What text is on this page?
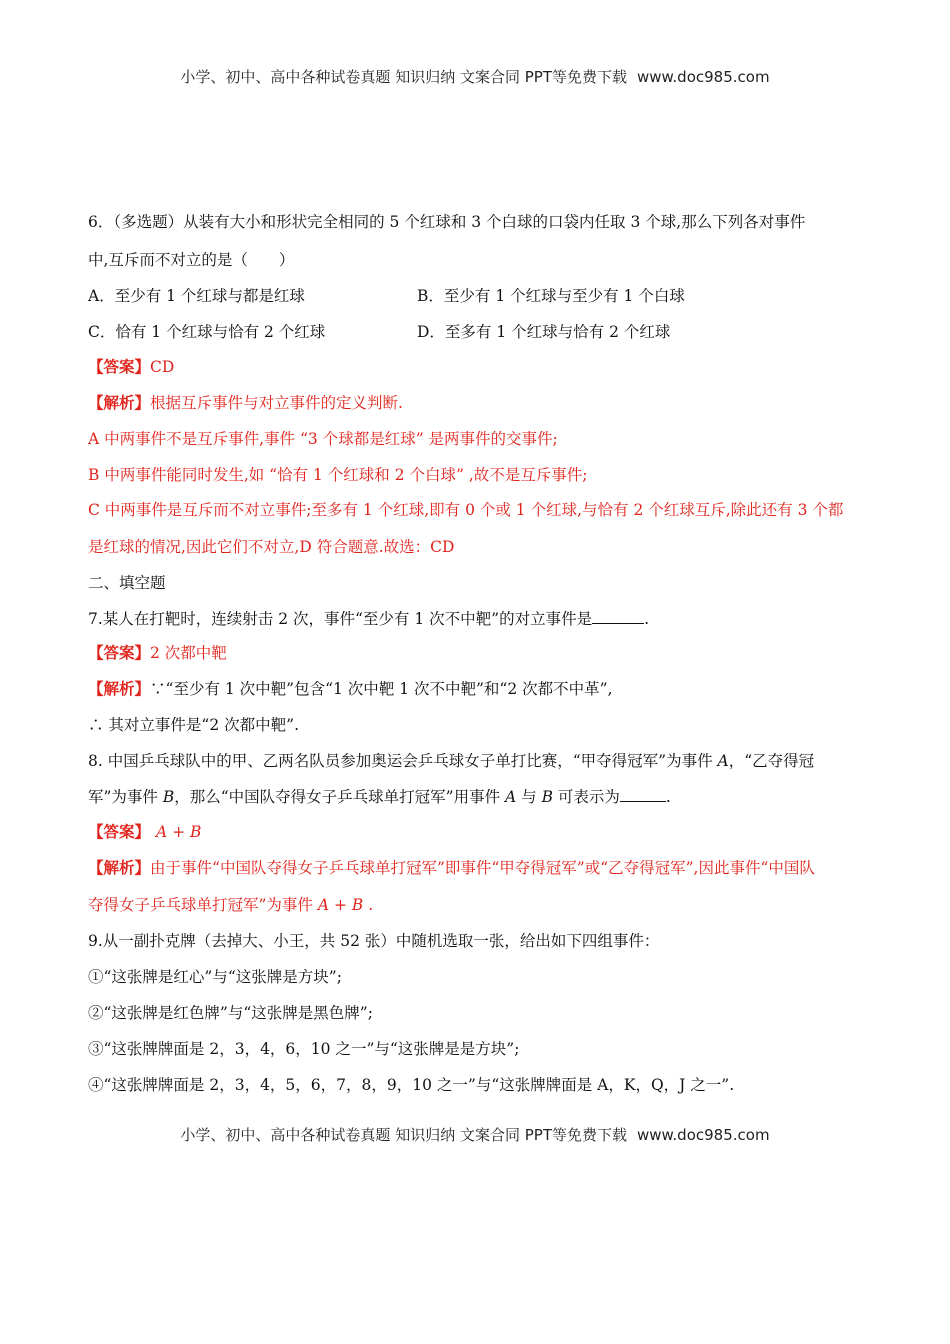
小学、初中、高中各种试卷真题 知识归纳 文案合同 PPT等免费下载 www.doc985.com
6．（多选题）从装有大小和形状完全相同的 5 个红球和 3 个白球的口袋内任取 3 个球,那么下列各对事件
中,互斥而不对立的是（　　）
A．至少有 1 个红球与都是红球	B．至少有 1 个红球与至少有 1 个白球
C．恰有 1 个红球与恰有 2 个红球	D．至多有 1 个红球与恰有 2 个红球
【答案】CD
【解析】根据互斥事件与对立事件的定义判断.
A 中两事件不是互斥事件,事件 “3 个球都是红球” 是两事件的交事件;
B 中两事件能同时发生,如 “恰有 1 个红球和 2 个白球” ,故不是互斥事件;
C 中两事件是互斥而不对立事件;至多有 1 个红球,即有 0 个或 1 个红球,与恰有 2 个红球互斥,除此还有 3 个都
是红球的情况,因此它们不对立,D 符合题意.故选：CD
二、填空题
7.某人在打靶时，连续射击 2 次，事件“至少有 1 次不中靶”的对立事件是	.
【答案】2 次都中靶
【解析】∵“至少有 1 次中靶”包含“1 次中靶 1 次不中靶”和“2 次都不中革”,
∴ 其对立事件是“2 次都中靶”.
8. 中国乒乓球队中的甲、乙两名队员参加奥运会乒乓球女子单打比赛，“甲夺得冠军”为事件 A，“乙夺得冠
军”为事件 B，那么“中国队夺得女子乒乓球单打冠军”用事件 A 与 B 可表示为	.
【答案】 A + B
【解析】由于事件“中国队夺得女子乒乓球单打冠军”即事件“甲夺得冠军”或“乙夺得冠军”,因此事件“中国队
夺得女子乒乓球单打冠军”为事件 A + B .
9.从一副扑克牌（去掉大、小王，共 52 张）中随机选取一张，给出如下四组事件：
①“这张牌是红心”与“这张牌是方块”;
②“这张牌是红色牌”与“这张牌是黑色牌”;
③“这张牌牌面是 2，3，4，6，10 之一”与“这张牌是是方块”;
④“这张牌牌面是 2，3，4，5，6，7，8，9，10 之一”与“这张牌牌面是 A，K，Q，J 之一”.
小学、初中、高中各种试卷真题 知识归纳 文案合同 PPT等免费下载 www.doc985.com
